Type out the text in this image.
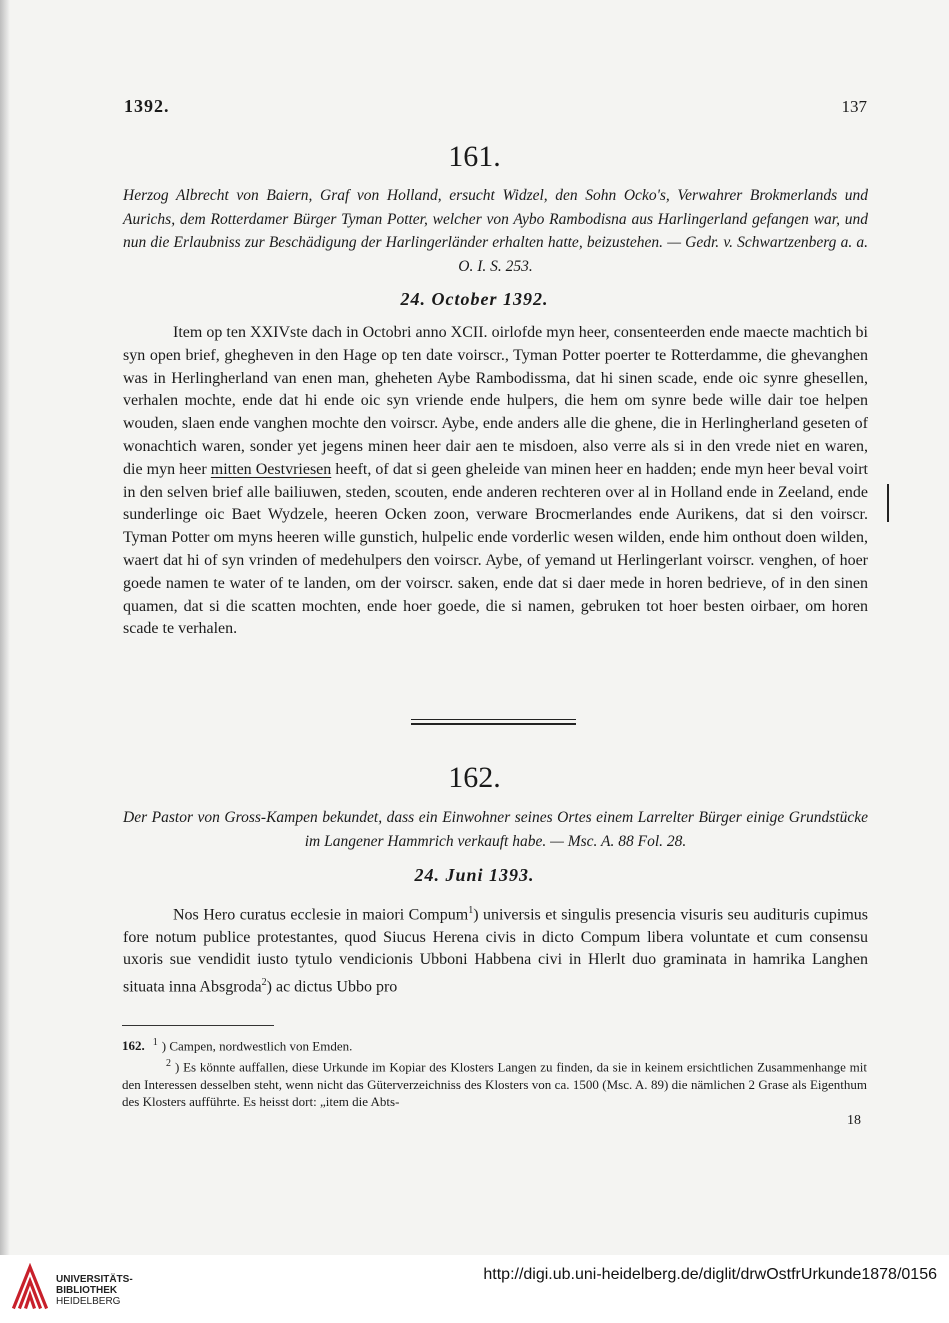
1392.	137
161.
Herzog Albrecht von Baiern, Graf von Holland, ersucht Widzel, den Sohn Ocko's, Verwahrer Brokmerlands und Aurichs, dem Rotterdamer Bürger Tyman Potter, welcher von Aybo Rambodisna aus Harlingerland gefangen war, und nun die Erlaubniss zur Beschädigung der Harlingerländer erhalten hatte, beizustehen. — Gedr. v. Schwartzenberg a. a. O. I. S. 253.
24. October 1392.
Item op ten XXIVste dach in Octobri anno XCII. oirlofde myn heer, consenteerden ende maecte machtich bi syn open brief, ghegheven in den Hage op ten date voirscr., Tyman Potter poerter te Rotterdamme, die ghevanghen was in Herlingherland van enen man, gheheten Aybe Rambodissma, dat hi sinen scade, ende oic synre ghesellen, verhalen mochte, ende dat hi ende oic syn vriende ende hulpers, die hem om synre bede wille dair toe helpen wouden, slaen ende vanghen mochte den voirscr. Aybe, ende anders alle die ghene, die in Herlingherland geseten of wonachtich waren, sonder yet jegens minen heer dair aen te misdoen, also verre als si in den vrede niet en waren, die myn heer mitten Oestvriesen heeft, of dat si geen gheleide van minen heer en hadden; ende myn heer beval voirt in den selven brief alle bailiuwen, steden, scouten, ende anderen rechteren over al in Holland ende in Zeeland, ende sunderlinge oic Baet Wydzele, heeren Ocken zoon, verware Brocmerlandes ende Aurikens, dat si den voirscr. Tyman Potter om myns heeren wille gunstich, hulpelic ende vorderlic wesen wilden, ende him onthout doen wilden, waert dat hi of syn vrinden of medehulpers den voirscr. Aybe, of yemand ut Herlingerlant voirscr. venghen, of hoer goede namen te water of te landen, om der voirscr. saken, ende dat si daer mede in horen bedrieve, of in den sinen quamen, dat si die scatten mochten, ende hoer goede, die si namen, gebruken tot hoer besten oirbaer, om horen scade te verhalen.
162.
Der Pastor von Gross-Kampen bekundet, dass ein Einwohner seines Ortes einem Larrelter Bürger einige Grundstücke im Langener Hammrich verkauft habe. — Msc. A. 88 Fol. 28.
24. Juni 1393.
Nos Hero curatus ecclesie in maiori Compum$^1$) universis et singulis presencia visuris seu audituris cupimus fore notum publice protestantes, quod Siucus Herena civis in dicto Compum libera voluntate et cum consensu uxoris sue vendidit iusto tytulo vendicionis Ubboni Habbena civi in Hlerlt duo graminata in hamrika Langhen situata inna Absgroda$^2$) ac dictus Ubbo pro

162. $^1$ ) Campen, nordwestlich von Emden.

$^2$ ) Es könnte auffallen, diese Urkunde im Kopiar des Klosters Langen zu finden, da sie in keinem ersichtlichen Zusammenhange mit den Interessen desselben steht, wenn nicht das Güterverzeichniss des Klosters von ca. 1500 (Msc. A. 89) die nämlichen 2 Grase als Eigenthum des Klosters aufführte. Es heisst dort: „item die Abts-

18
UNIVERSITÄTS-
BIBLIOTHEK
HEIDELBERG
http://digi.ub.uni-heidelberg.de/diglit/drwOstfrUrkunde1878/0156
